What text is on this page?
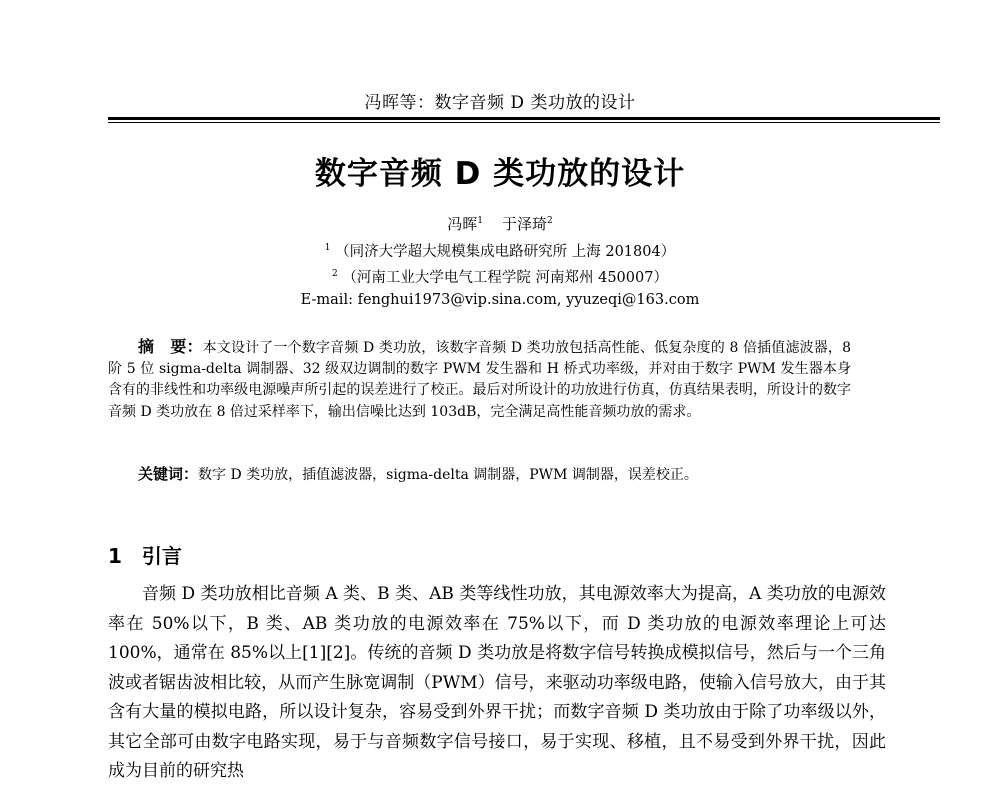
冯晖等：数字音频 D 类功放的设计
数字音频 D 类功放的设计
冯晖$^1$ 于泽琦$^2$
$^1$ （同济大学超大规模集成电路研究所 上海 201804）
$^2$ （河南工业大学电气工程学院 河南郑州 450007）
E-mail: fenghui1973@vip.sina.com, yyuzeqi@163.com
摘　要：本文设计了一个数字音频 D 类功放，该数字音频 D 类功放包括高性能、低复杂度的 8 倍插值滤波器，8 阶 5 位 sigma-delta 调制器、32 级双边调制的数字 PWM 发生器和 H 桥式功率级，并对由于数字 PWM 发生器本身含有的非线性和功率级电源噪声所引起的误差进行了校正。最后对所设计的功放进行仿真，仿真结果表明，所设计的数字音频 D 类功放在 8 倍过采样率下，输出信噪比达到 103dB，完全满足高性能音频功放的需求。
关键词：数字 D 类功放，插值滤波器，sigma-delta 调制器，PWM 调制器，误差校正。
1 引言
音频 D 类功放相比音频 A 类、B 类、AB 类等线性功放，其电源效率大为提高，A 类功放的电源效率在 50%以下，B 类、AB 类功放的电源效率在 75%以下，而 D 类功放的电源效率理论上可达 100%，通常在 85%以上[1][2]。传统的音频 D 类功放是将数字信号转换成模拟信号，然后与一个三角波或者锯齿波相比较，从而产生脉宽调制（PWM）信号，来驱动功率级电路，使输入信号放大，由于其含有大量的模拟电路，所以设计复杂，容易受到外界干扰；而数字音频 D 类功放由于除了功率级以外，其它全部可由数字电路实现，易于与音频数字信号接口，易于实现、移植，且不易受到外界干扰，因此成为目前的研究热
